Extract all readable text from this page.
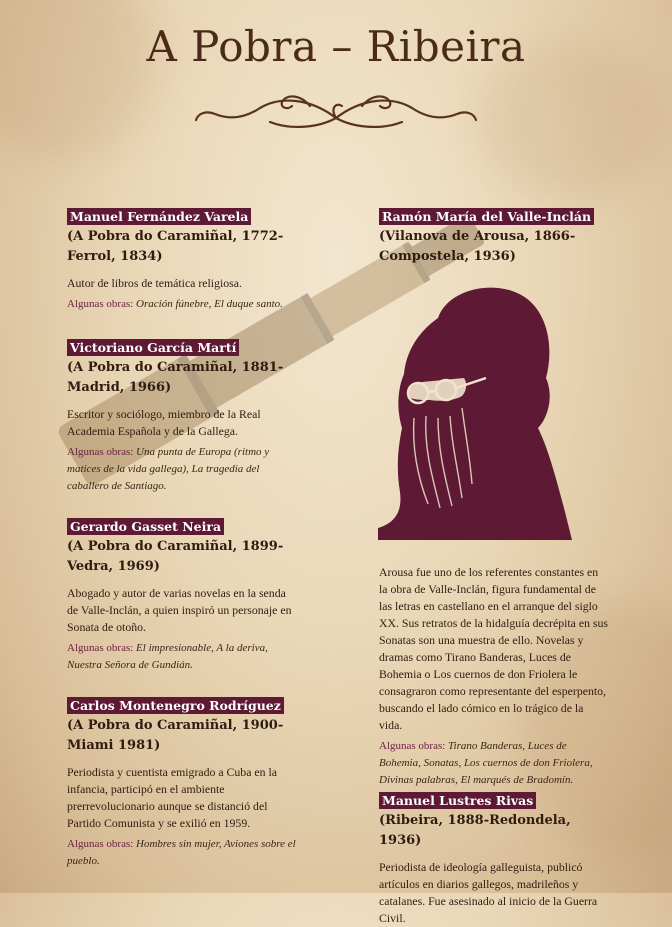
A Pobra – Ribeira
Manuel Fernández Varela
(A Pobra do Caramiñal, 1772-
Ferrol, 1834)
Autor de libros de temática religiosa.
Algunas obras: Oración fúnebre, El duque santo.
Victoriano García Martí
(A Pobra do Caramiñal, 1881-
Madrid, 1966)
Escritor y sociólogo, miembro de la Real Academia Española y de la Gallega.
Algunas obras: Una punta de Europa (ritmo y matices de la vida gallega), La tragedia del caballero de Santiago.
Gerardo Gasset Neira
(A Pobra do Caramiñal, 1899-
Vedra, 1969)
Abogado y autor de varias novelas en la senda de Valle-Inclán, a quien inspiró un personaje en Sonata de otoño.
Algunas obras: El impresionable, A la deriva, Nuestra Señora de Gundián.
Carlos Montenegro Rodríguez
(A Pobra do Caramiñal, 1900-
Miami 1981)
Periodista y cuentista emigrado a Cuba en la infancia, participó en el ambiente prerrevolucionario aunque se distanció del Partido Comunista y se exilió en 1959.
Algunas obras: Hombres sin mujer, Aviones sobre el pueblo.
Ramón María del Valle-Inclán
(Vilanova de Arousa, 1866-
Compostela, 1936)
Arousa fue uno de los referentes constantes en la obra de Valle-Inclán, figura fundamental de las letras en castellano en el arranque del siglo XX. Sus retratos de la hidalguía decrépita en sus Sonatas son una muestra de ello. Novelas y dramas como Tirano Banderas, Luces de Bohemia o Los cuernos de don Friolera le consagraron como representante del esperpento, buscando el lado cómico en lo trágico de la vida.
Algunas obras: Tirano Banderas, Luces de Bohemia, Sonatas, Los cuernos de don Friolera, Divinas palabras, El marqués de Bradomín.
Manuel Lustres Rivas
(Ribeira, 1888-Redondela, 1936)
Periodista de ideología galleguista, publicó artículos en diarios gallegos, madrileños y catalanes. Fue asesinado al inicio de la Guerra Civil.
